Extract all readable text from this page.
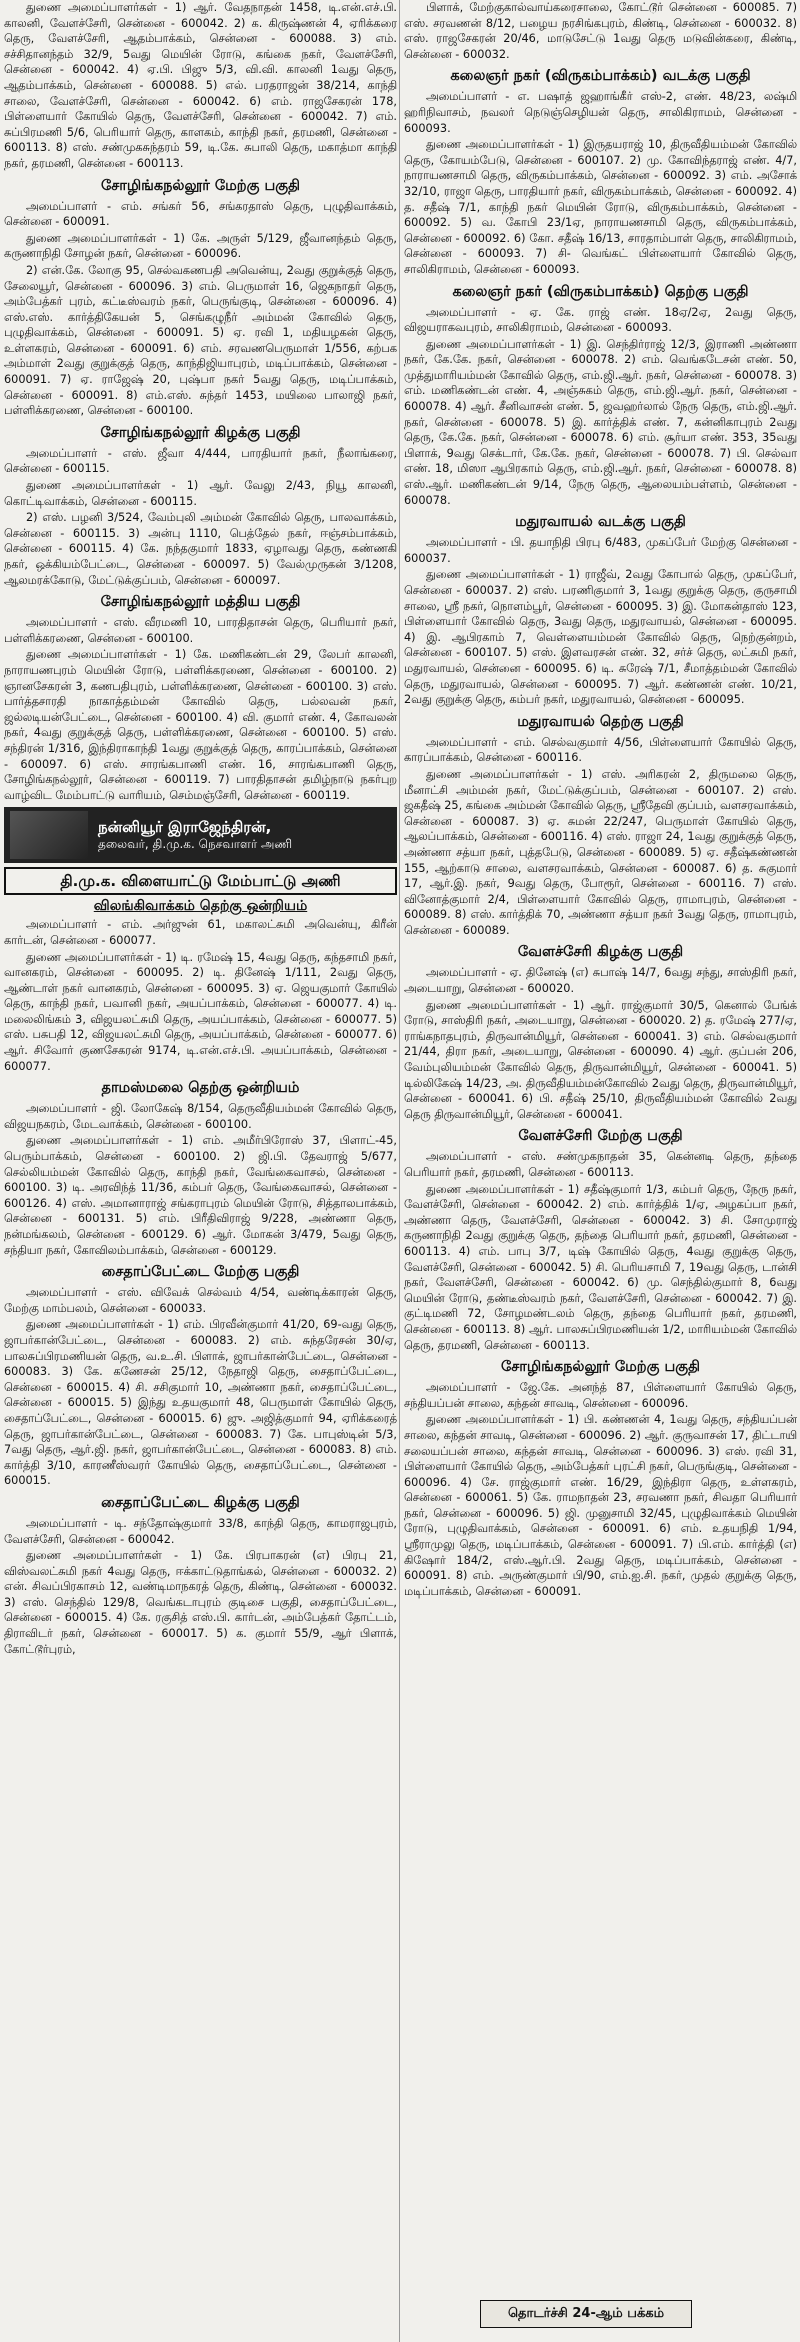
துணை அமைப்பாளர்கள் - 1) ஆர். வேதநாதன் 1458, டி.என்.எச்.பி. காலனி, வேளச்சேரி, சென்னை - 600042. 2) க. கிருஷ்ணன் 4, ஏரிக்கரை தெரு, வேளச்சேரி, ஆதம்பாக்கம், சென்னை - 600088. 3) எம். சச்சிதானந்தம் 32/9, 5வது மெயின் ரோடு, கங்கை நகர், வேளச்சேரி, சென்னை - 600042. 4) ஏ.பி. பிஜு 5/3, வி.வி. காலனி 1வது தெரு, ஆதம்பாக்கம், சென்னை - 600088. 5) எல். பரதராஜன் 38/214, காந்தி சாலை, வேளச்சேரி, சென்னை - 600042. 6) எம். ராஜசேகரன் 178, பிள்ளையார் கோயில் தெரு, வேளச்சேரி, சென்னை - 600042. 7) எம். சுப்பிரமணி 5/6, பெரியார் தெரு, காளகம், காந்தி நகர், தரமணி, சென்னை - 600113. 8) எஸ். சண்முகசுந்தரம் 59, டி.கே. சுபாலி தெரு, மகாத்மா காந்தி நகர், தரமணி, சென்னை - 600113.
சோழிங்கநல்லூர் மேற்கு பகுதி
அமைப்பாளர் - எம். சங்கர் 56, சங்கரதாஸ் தெரு, புழுதிவாக்கம், சென்னை - 600091.
துணை அமைப்பாளர்கள் - 1) கே. அருள் 5/129, ஜீவானந்தம் தெரு, கருணாநிதி சோழன் நகர், சென்னை - 600096.
2) என்.கே. லோகு 95, செல்வகணபதி அவென்யு, 2வது குறுக்குத் தெரு, சேலையூர், சென்னை - 600096. 3) எம். பெருமாள் 16, ஜெகநாதர் தெரு, அம்பேத்கர் புரம், கட்டீஸ்வரம் நகர், பெருங்குடி, சென்னை - 600096. 4) எஸ்.எஸ். கார்த்திகேயன் 5, செங்கழுநீர் அம்மன் கோவில் தெரு, புழுதிவாக்கம், சென்னை - 600091. 5) ஏ. ரவி 1, மதியழகன் தெரு, உள்ளகரம், சென்னை - 600091. 6) எம். சரவணபெருமாள் 1/556, கற்பக அம்மாள் 2வது குறுக்குத் தெரு, காந்திஜியாபுரம், மடிப்பாக்கம், சென்னை - 600091. 7) ஏ. ராஜேஷ் 20, புஷ்பா நகர் 5வது தெரு, மடிப்பாக்கம், சென்னை - 600091. 8) எம்.எஸ். சுந்தர் 1453, மயிலை பாலாஜி நகர், பள்ளிக்கரணை, சென்னை - 600100.
சோழிங்கநல்லூர் கிழக்கு பகுதி
அமைப்பாளர் - எஸ். ஜீவா 4/444, பாரதியார் நகர், நீலாங்கரை, சென்னை - 600115.
துணை அமைப்பாளர்கள் - 1) ஆர். வேலு 2/43, நியூ காலனி, கொட்டிவாக்கம், சென்னை - 600115.
2) எஸ். பழனி 3/524, வேம்புலி அம்மன் கோவில் தெரு, பாலவாக்கம், சென்னை - 600115. 3) அன்பு 1110, பெத்தேல் நகர், ஈஞ்சம்பாக்கம், சென்னை - 600115. 4) கே. நந்தகுமார் 1833, ஏழாவது தெரு, கண்ணகி நகர், ஒக்கியம்பேட்டை, சென்னை - 600097. 5) வேல்முருகன் 3/1208, ஆலமரக்கோடு, மேட்டுக்குப்பம், சென்னை - 600097.
சோழிங்கநல்லூர் மத்திய பகுதி
அமைப்பாளர் - எஸ். வீரமணி 10, பாரதிதாசன் தெரு, பெரியார் நகர், பள்ளிக்கரணை, சென்னை - 600100.
துணை அமைப்பாளர்கள் - 1) கே. மணிகண்டன் 29, லேபர் காலனி, நாராயணபுரம் மெயின் ரோடு, பள்ளிக்கரணை, சென்னை - 600100. 2) ஞானசேகரன் 3, கணபதிபுரம், பள்ளிக்கரணை, சென்னை - 600100. 3) எஸ். பார்த்தசாரதி நாகாத்தம்மன் கோவில் தெரு, பல்லவன் நகர், ஜல்லடியன்பேட்டை, சென்னை - 600100. 4) வி. குமார் எண். 4, கோவலன் நகர், 4வது குறுக்குத் தெரு, பள்ளிக்கரணை, சென்னை - 600100. 5) எஸ். சந்திரன் 1/316, இந்திராகாந்தி 1வது குறுக்குத் தெரு, காரப்பாக்கம், சென்னை - 600097. 6) எஸ். சாரங்கபாணி எண். 16, சாரங்கபாணி தெரு, சோழிங்கநல்லூர், சென்னை - 600119. 7) பாரதிதாசன் தமிழ்நாடு நகர்புற வாழ்விட மேம்பாட்டு வாரியம், செம்மஞ்சேரி, சென்னை - 600119.
நன்னியூர் இராஜேந்திரன்,
தலைவர், தி.மு.க. நெசவாளர் அணி
தி.மு.க. விளையாட்டு மேம்பாட்டு அணி
விலங்கிவாக்கம் தெற்கு ஒன்றியம்
அமைப்பாளர் - எம். அர்ஜுன் 61, மகாலட்சுமி அவென்யு, கிரீன் கார்டன், சென்னை - 600077.
துணை அமைப்பாளர்கள் - 1) டி. ரமேஷ் 15, 4வது தெரு, கந்தசாமி நகர், வானகரம், சென்னை - 600095. 2) டி. தினேஷ் 1/111, 2வது தெரு, ஆண்டாள் நகர் வானகரம், சென்னை - 600095. 3) ஏ. ஜெயகுமார் கோயில் தெரு, காந்தி நகர், பவானி நகர், அயப்பாக்கம், சென்னை - 600077. 4) டி. மலைலிங்கம் 3, விஜயலட்சுமி தெரு, அயப்பாக்கம், சென்னை - 600077. 5) எஸ். பசுபதி 12, விஜயலட்சுமி தெரு, அயப்பாக்கம், சென்னை - 600077. 6) ஆர். சிவோர் குணசேகரன் 9174, டி.என்.எச்.பி. அயப்பாக்கம், சென்னை - 600077.
தாமஸ்மலை தெற்கு ஒன்றியம்
அமைப்பாளர் - ஜி. லோகேஷ் 8/154, தெருவீதியம்மன் கோவில் தெரு, விஜயநகரம், மேடவாக்கம், சென்னை - 600100.
துணை அமைப்பாளர்கள் - 1) எம். அமீர்பிரோஸ் 37, பிளாட்-45, பெரும்பாக்கம், சென்னை - 600100. 2) ஜி.பி. தேவராஜ் 5/677, செல்லியம்மன் கோவில் தெரு, காந்தி நகர், வேங்கைவாசல், சென்னை - 600100. 3) டி. அரவிந்த் 11/36, கம்பர் தெரு, வேங்கைவாசல், சென்னை - 600126. 4) எஸ். அமானாராஜ் சங்கராபுரம் மெயின் ரோடு, சித்தாலபாக்கம், சென்னை - 600131. 5) எம். பிரீதிவிராஜ் 9/228, அண்ணா தெரு, நன்மங்கலம், சென்னை - 600129. 6) ஆர். மோகன் 3/479, 5வது தெரு, சந்தியா நகர், கோவிலம்பாக்கம், சென்னை - 600129.
சைதாப்பேட்டை மேற்கு பகுதி
அமைப்பாளர் - எஸ். விவேக் செல்வம் 4/54, வண்டிக்காரன் தெரு, மேற்கு மாம்பலம், சென்னை - 600033.
துணை அமைப்பாளர்கள் - 1) எம். பிரவீன்குமார் 41/20, 69-வது தெரு, ஜாபர்கான்பேட்டை, சென்னை - 600083. 2) எம். சுந்தரேசன் 30/ஏ, பாலசுப்பிரமணியன் தெரு, வ.உ.சி. பிளாக், ஜாபர்கான்பேட்டை, சென்னை - 600083. 3) கே. கணேசன் 25/12, நேதாஜி தெரு, சைதாப்பேட்டை, சென்னை - 600015. 4) சி. சசிகுமார் 10, அண்ணா நகர், சைதாப்பேட்டை, சென்னை - 600015. 5) இந்து உதயகுமார் 48, பெருமாள் கோயில் தெரு, சைதாப்பேட்டை, சென்னை - 600015. 6) ஜு. அஜித்குமார் 94, ஏரிக்கரைத் தெரு, ஜாபர்கான்பேட்டை, சென்னை - 600083. 7) கே. பாபுஸ்டின் 5/3, 7வது தெரு, ஆர்.ஜி. நகர், ஜாபர்கான்பேட்டை, சென்னை - 600083. 8) எம். கார்த்தி 3/10, காரணீஸ்வரர் கோயில் தெரு, சைதாப்பேட்டை, சென்னை - 600015.
சைதாப்பேட்டை கிழக்கு பகுதி
அமைப்பாளர் - டி. சந்தோஷ்குமார் 33/8, காந்தி தெரு, காமராஜபுரம், வேளச்சேரி, சென்னை - 600042.
துணை அமைப்பாளர்கள் - 1) கே. பிரபாகரன் (எ) பிரபு 21, விஸ்வலட்சுமி நகர் 4வது தெரு, ஈக்காட்டுதாங்கல், சென்னை - 600032. 2) என். சிவப்பிரகாசம் 12, வண்டிமாநகரத் தெரு, கிண்டி, சென்னை - 600032. 3) எஸ். செந்தில் 129/8, வெங்கடாபுரம் குடிசை பகுதி, சைதாப்பேட்டை, சென்னை - 600015. 4) கே. ரகுசித் எஸ்.பி. கார்டன், அம்பேத்கர் தோட்டம், திராவிடர் நகர், சென்னை - 600017. 5) க. குமார் 55/9, ஆர் பிளாக், கோட்டூர்புரம்,
பிளாக், மேற்குகால்வாய்கரைசாலை, கோட்டூர் சென்னை - 600085. 7) எஸ். சரவணன் 8/12, பழைய நரசிங்கபுரம், கிண்டி, சென்னை - 600032. 8) எஸ். ராஜசேகரன் 20/46, மாடுசேட்டு 1வது தெரு மடுவின்கரை, கிண்டி, சென்னை - 600032.
கலைஞர் நகர் (விருகம்பாக்கம்) வடக்கு பகுதி
அமைப்பாளர் - எ. பஷாத் ஜஹாங்கீர் எஸ்-2, எண். 48/23, லஷ்மி ஹரிநிவாசம், நவலர் நெடுஞ்செழியன் தெரு, சாலிகிராமம், சென்னை - 600093.
துணை அமைப்பாளர்கள் - 1) இருதயராஜ் 10, திருவீதியம்மன் கோவில் தெரு, கோயம்பேடு, சென்னை - 600107. 2) மு. கோவிந்தராஜ் எண். 4/7, நாராயணசாமி தெரு, விருகம்பாக்கம், சென்னை - 600092. 3) எம். அசோக் 32/10, ராஜா தெரு, பாரதியார் நகர், விருகம்பாக்கம், சென்னை - 600092. 4) த. சதீஷ் 7/1, காந்தி நகர் மெயின் ரோடு, விருகம்பாக்கம், சென்னை - 600092. 5) வ. கோபி 23/1ஏ, நாராயணசாமி தெரு, விருகம்பாக்கம், சென்னை - 600092. 6) கோ. சதீஷ் 16/13, சாரதாம்பாள் தெரு, சாலிகிராமம், சென்னை - 600093. 7) சி- வெங்கட் பிள்ளையார் கோவில் தெரு, சாலிகிராமம், சென்னை - 600093.
கலைஞர் நகர் (விருகம்பாக்கம்) தெற்கு பகுதி
அமைப்பாளர் - ஏ. கே. ராஜ் எண். 18ஏ/2ஏ, 2வது தெரு, விஜயராகவபுரம், சாலிகிராமம், சென்னை - 600093.
துணை அமைப்பாளர்கள் - 1) இ. செந்திர்ராஜ் 12/3, இராணி அண்ணா நகர், கே.கே. நகர், சென்னை - 600078. 2) எம். வெங்கடேசன் எண். 50, முத்துமாரியம்மன் கோவில் தெரு, எம்.ஜி.ஆர். நகர், சென்னை - 600078. 3) எம். மணிகண்டன் எண். 4, அஞ்சுகம் தெரு, எம்.ஜி.ஆர். நகர், சென்னை - 600078. 4) ஆர். சீனிவாசன் எண். 5, ஜவஹர்லால் நேரு தெரு, எம்.ஜி.ஆர். நகர், சென்னை - 600078. 5) இ. கார்த்திக் எண். 7, கன்னிகாபுரம் 2வது தெரு, கே.கே. நகர், சென்னை - 600078. 6) எம். சூர்யா எண். 353, 35வது பிளாக், 9வது செக்டார், கே.கே. நகர், சென்னை - 600078. 7) பி. செல்வா எண். 18, மிஸா ஆபிரகாம் தெரு, எம்.ஜி.ஆர். நகர், சென்னை - 600078. 8) எஸ்.ஆர். மணிகண்டன் 9/14, நேரு தெரு, ஆலையம்பள்ளம், சென்னை - 600078.
மதுரவாயல் வடக்கு பகுதி
அமைப்பாளர் - பி. தயாநிதி பிரபு 6/483, முகப்பேர் மேற்கு சென்னை - 600037.
துணை அமைப்பாளர்கள் - 1) ராஜீவ், 2வது கோபால் தெரு, முகப்பேர், சென்னை - 600037. 2) எஸ். பரணிகுமார் 3, 1வது குறுக்கு தெரு, குருசாமி சாலை, ஸ்ரீ நகர், நொளம்பூர், சென்னை - 600095. 3) இ. மோகன்தாஸ் 123, பிள்ளையார் கோவில் தெரு, 3வது தெரு, மதுரவாயல், சென்னை - 600095. 4) இ. ஆபிரகாம் 7, வெள்ளையம்மன் கோவில் தெரு, நெற்குன்றம், சென்னை - 600107. 5) எஸ். இளவரசன் எண். 32, சர்ச் தெரு, லட்சுமி நகர், மதுரவாயல், சென்னை - 600095. 6) டி. சுரேஷ் 7/1, சீமாத்தம்மன் கோவில் தெரு, மதுரவாயல், சென்னை - 600095. 7) ஆர். கண்ணன் எண். 10/21, 2வது குறுக்கு தெரு, கம்பர் நகர், மதுரவாயல், சென்னை - 600095.
மதுரவாயல் தெற்கு பகுதி
அமைப்பாளர் - எம். செல்வகுமார் 4/56, பிள்ளையார் கோயில் தெரு, காரப்பாக்கம், சென்னை - 600116.
துணை அமைப்பாளர்கள் - 1) எஸ். அரிகரன் 2, திருமலை தெரு, மீனாட்சி அம்மன் நகர், மேட்டுக்குப்பம், சென்னை - 600107. 2) எஸ். ஜகதீஷ் 25, கங்கை அம்மன் கோவில் தெரு, ஸ்ரீதேவி குப்பம், வளசரவாக்கம், சென்னை - 600087. 3) ஏ. சுமன் 22/247, பெருமாள் கோயில் தெரு, ஆலப்பாக்கம், சென்னை - 600116. 4) எஸ். ராஜா 24, 1வது குறுக்குத் தெரு, அண்ணா சத்யா நகர், புத்தபேடு, சென்னை - 600089. 5) ஏ. சதீஷ்கண்ணன் 155, ஆற்காடு சாலை, வளசரவாக்கம், சென்னை - 600087. 6) த. சுகுமார் 17, ஆர்.இ. நகர், 9வது தெரு, போரூர், சென்னை - 600116. 7) எஸ். வினோத்குமார் 2/4, பிள்ளையார் கோவில் தெரு, ராமாபுரம், சென்னை - 600089. 8) எஸ். கார்த்திக் 70, அண்ணா சத்யா நகர் 3வது தெரு, ராமாபுரம், சென்னை - 600089.
வேளச்சேரி கிழக்கு பகுதி
அமைப்பாளர் - ஏ. தினேஷ் (எ) சுபாஷ் 14/7, 6வது சந்து, சாஸ்திரி நகர், அடையாறு, சென்னை - 600020.
துணை அமைப்பாளர்கள் - 1) ஆர். ராஜ்குமார் 30/5, கெனால் பேங்க் ரோடு, சாஸ்திரி நகர், அடையாறு, சென்னை - 600020. 2) த. ரமேஷ் 277/ஏ, ராங்கநாதபுரம், திருவான்மியூர், சென்னை - 600041. 3) எம். செல்வகுமார் 21/44, திரா நகர், அடையாறு, சென்னை - 600090. 4) ஆர். குப்பன் 206, வேம்புலியம்மன் கோவில் தெரு, திருவான்மியூர், சென்னை - 600041. 5) டில்லிகேஷ் 14/23, அ. திருவீதியம்மன்கோவில் 2வது தெரு, திருவான்மியூர், சென்னை - 600041. 6) பி. சதீஷ் 25/10, திருவீதியம்மன் கோவில் 2வது தெரு திருவான்மியூர், சென்னை - 600041.
வேளச்சேரி மேற்கு பகுதி
அமைப்பாளர் - எஸ். சண்முகநாதன் 35, கென்னடி தெரு, தந்தை பெரியார் நகர், தரமணி, சென்னை - 600113.
துணை அமைப்பாளர்கள் - 1) சதீஷ்குமார் 1/3, கம்பர் தெரு, நேரு நகர், வேளச்சேரி, சென்னை - 600042. 2) எம். கார்த்திக் 1/ஏ, அழகப்பா நகர், அண்ணா தெரு, வேளச்சேரி, சென்னை - 600042. 3) சி. சோமுராஜ் கருணாநிதி 2வது குறுக்கு தெரு, தந்தை பெரியார் நகர், தரமணி, சென்னை - 600113. 4) எம். பாபு 3/7, டிஷ் கோயில் தெரு, 4வது குறுக்கு தெரு, வேளச்சேரி, சென்னை - 600042. 5) சி. பெரியசாமி 7, 19வது தெரு, டான்சி நகர், வேளச்சேரி, சென்னை - 600042. 6) மு. செந்தில்குமார் 8, 6வது மெயின் ரோடு, தண்டீஸ்வரம் நகர், வேளச்சேரி, சென்னை - 600042. 7) இ. குட்டிமணி 72, சோழமண்டலம் தெரு, தந்தை பெரியார் நகர், தரமணி, சென்னை - 600113. 8) ஆர். பாலசுப்பிரமணியன் 1/2, மாரியம்மன் கோவில் தெரு, தரமணி, சென்னை - 600113.
சோழிங்கநல்லூர் மேற்கு பகுதி
அமைப்பாளர் - ஜே.கே. அனந்த் 87, பிள்ளையார் கோயில் தெரு, சந்தியப்பன் சாலை, கந்தன் சாவடி, சென்னை - 600096.
துணை அமைப்பாளர்கள் - 1) பி. கண்ணன் 4, 1வது தெரு, சந்தியப்பன் சாலை, கந்தன் சாவடி, சென்னை - 600096. 2) ஆர். குருவாசன் 17, திட்டாயி சலையப்பன் சாலை, கந்தன் சாவடி, சென்னை - 600096. 3) எஸ். ரவி 31, பிள்ளையார் கோயில் தெரு, அம்பேத்கர் புரட்சி நகர், பெருங்குடி, சென்னை - 600096. 4) சே. ராஜ்குமார் எண். 16/29, இந்திரா தெரு, உள்ளகரம், சென்னை - 600061. 5) கே. ராமநாதன் 23, சரவணா நகர், சிவதா பெரியார் நகர், சென்னை - 600096. 5) ஜி. முனுசாமி 32/45, புழுதிவாக்கம் மெயின் ரோடு, புழுதிவாக்கம், சென்னை - 600091. 6) எம். உதயநிதி 1/94, ஸ்ரீராமுலு தெரு, மடிப்பாக்கம், சென்னை - 600091. 7) பி.எம். கார்த்தி (எ) கிஷோர் 184/2, எஸ்.ஆர்.பி. 2வது தெரு, மடிப்பாக்கம், சென்னை - 600091. 8) எம். அருண்குமார் பி/90, எம்.ஐ.சி. நகர், முதல் குறுக்கு தெரு, மடிப்பாக்கம், சென்னை - 600091.
தொடர்ச்சி 24-ஆம் பக்கம்
